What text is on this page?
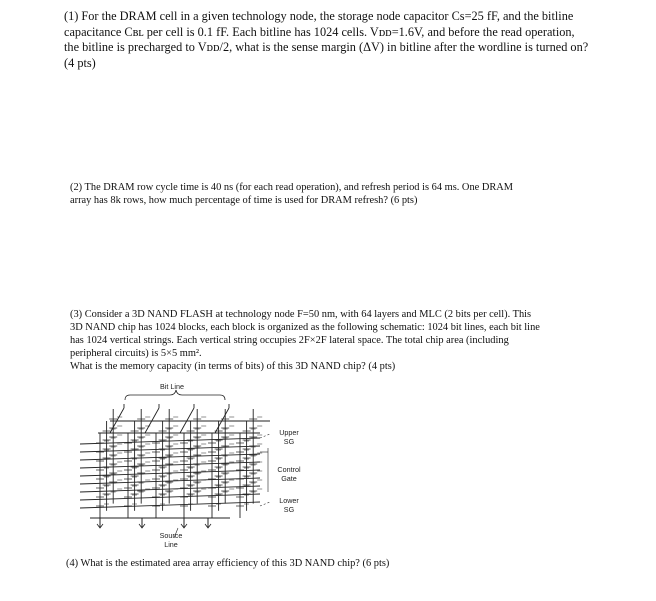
(1) For the DRAM cell in a given technology node, the storage node capacitor Cs=25 fF, and the bitline
capacitance Cʙʟ per cell is 0.1 fF. Each bitline has 1024 cells. Vᴅᴅ=1.6V, and before the read operation,
the bitline is precharged to Vᴅᴅ/2, what is the sense margin (ΔV) in bitline after the wordline is turned on?
(4 pts)
(2) The DRAM row cycle time is 40 ns (for each read operation), and refresh period is 64 ms. One DRAM
array has 8k rows, how much percentage of time is used for DRAM refresh? (6 pts)
(3) Consider a 3D NAND FLASH at technology node F=50 nm, with 64 layers and MLC (2 bits per cell). This
3D NAND chip has 1024 blocks, each block is organized as the following schematic: 1024 bit lines, each bit line
has 1024 vertical strings. Each vertical string occupies 2F×2F lateral space. The total chip area (including
peripheral circuits) is 5×5 mm².
What is the memory capacity (in terms of bits) of this 3D NAND chip? (4 pts)
Bit Line
Upper
SG
Control
Gate
Lower
SG
Source
Line
(4) What is the estimated area array efficiency of this 3D NAND chip? (6 pts)
